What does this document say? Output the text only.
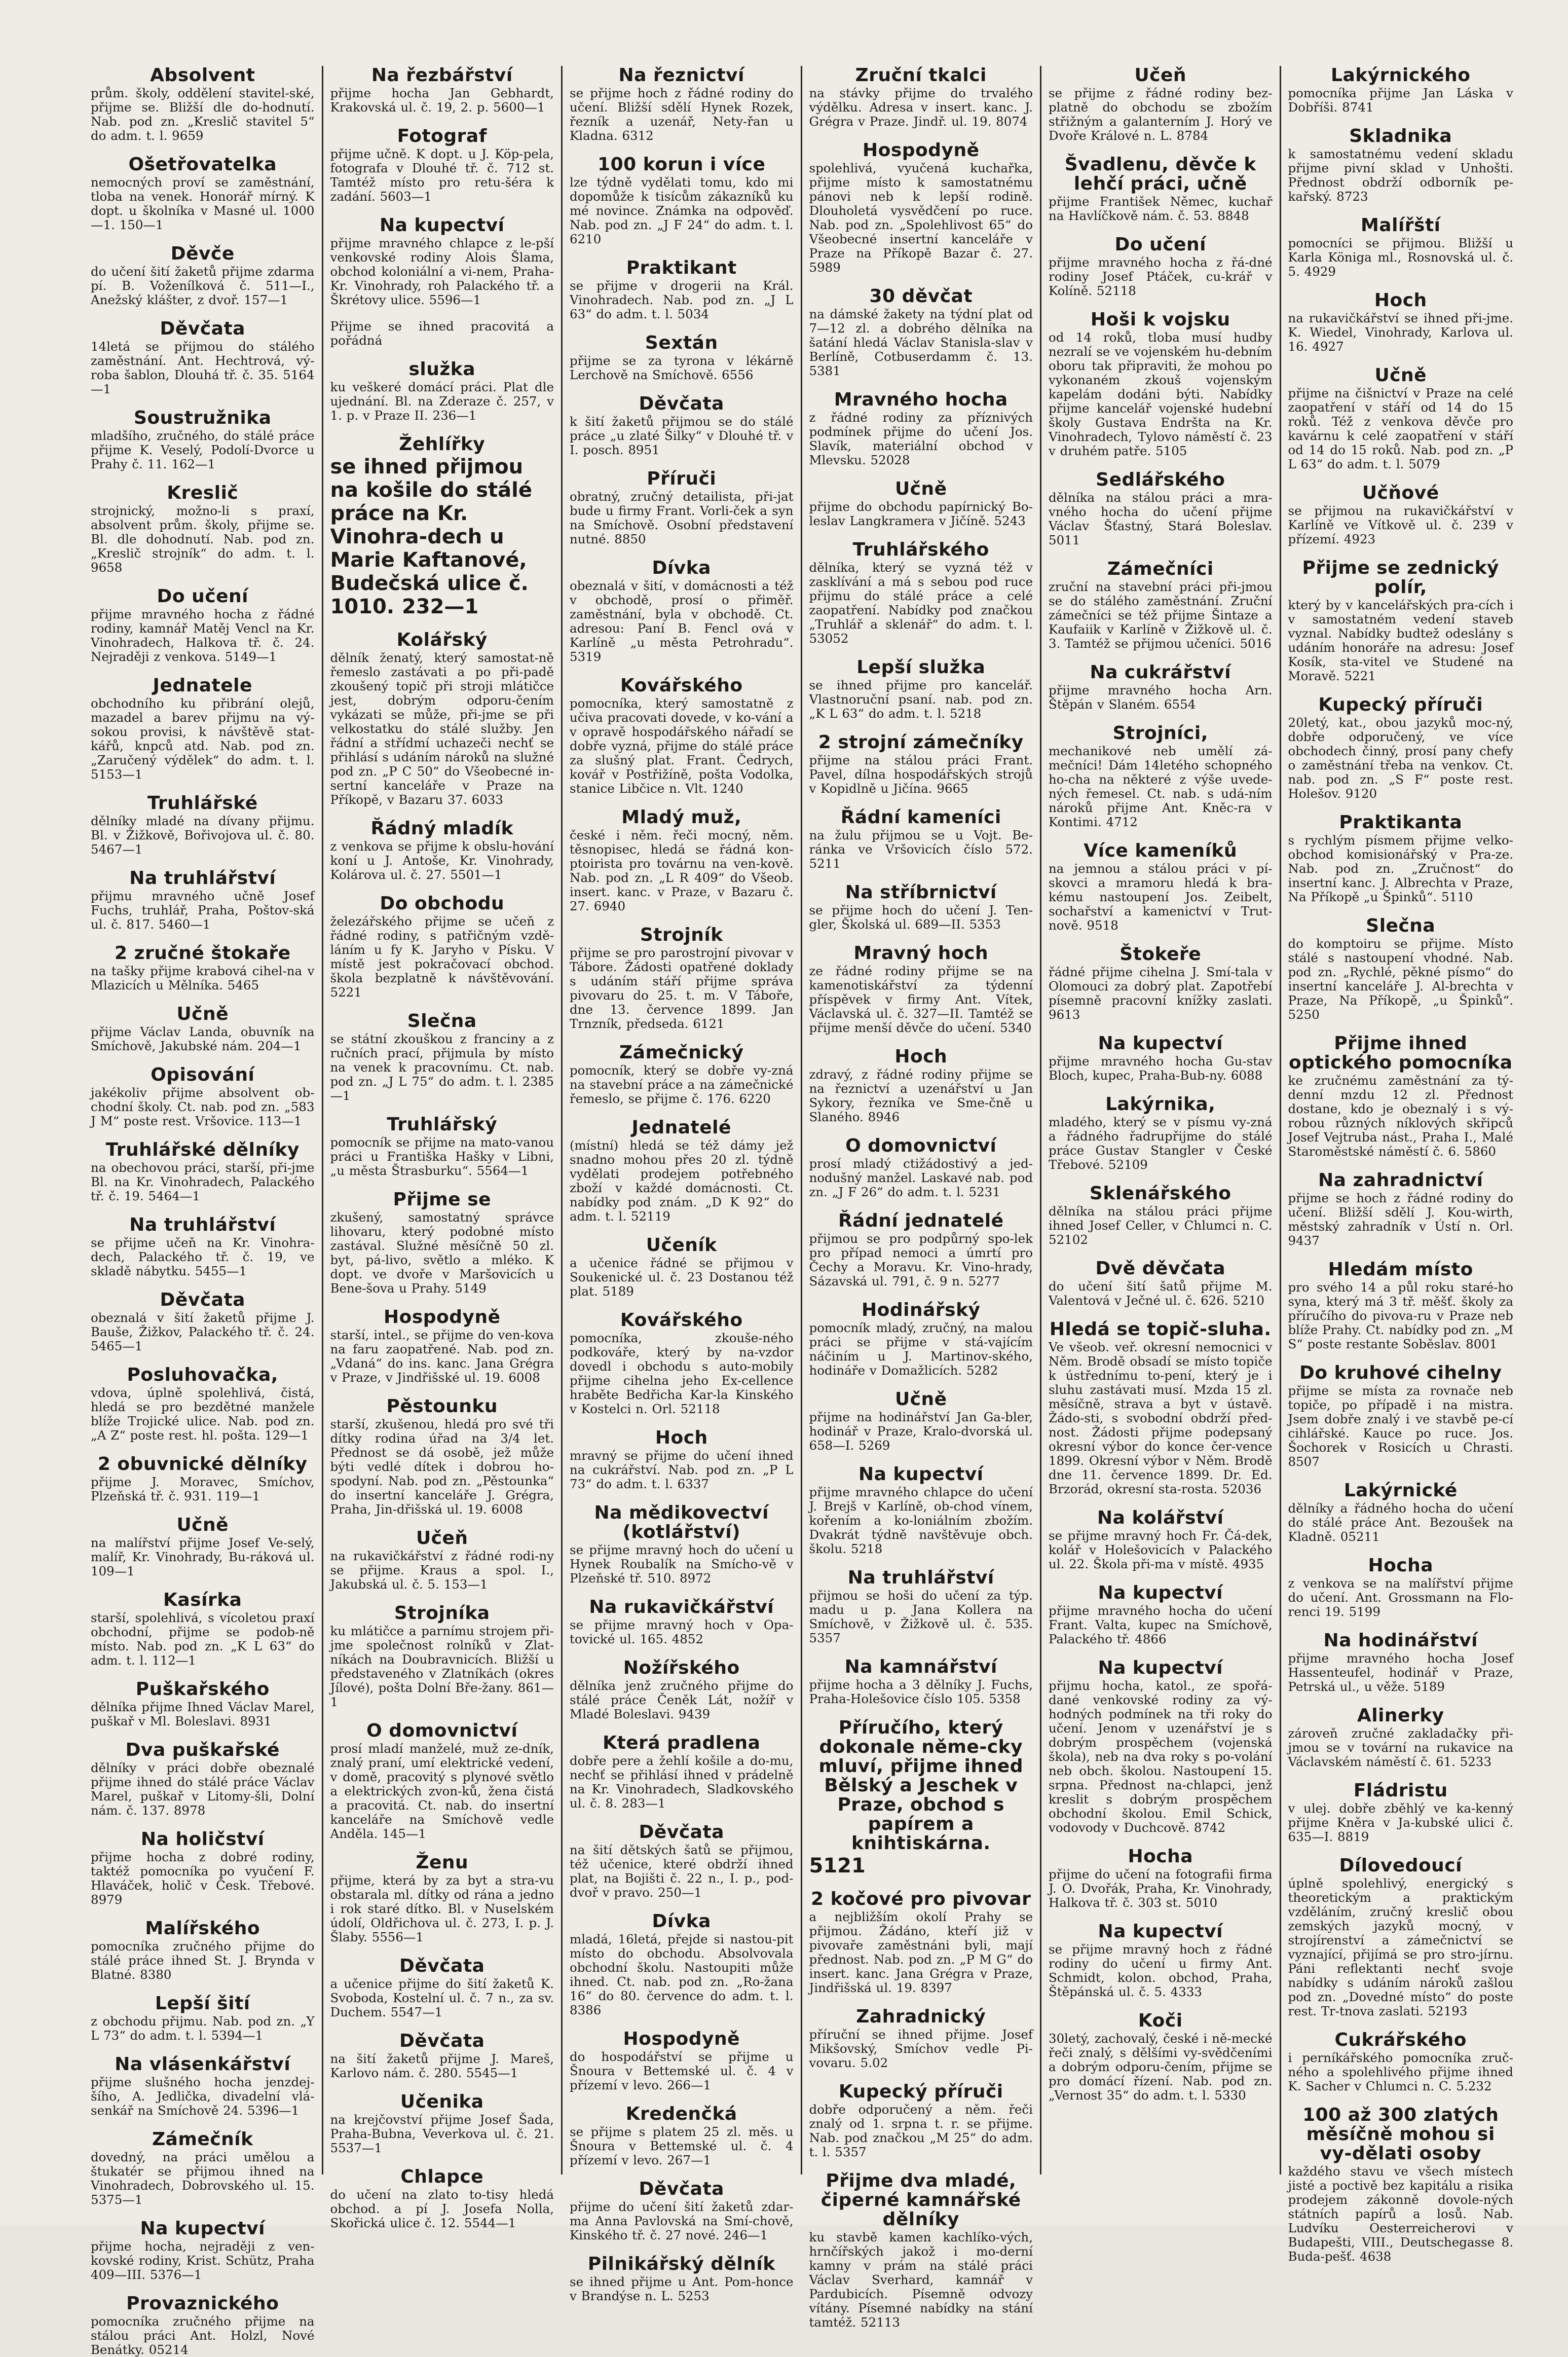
Absolvent

prům. školy, oddělení stavitel-ské, přijme se. Bližší dle do-hodnutí. Nab. pod zn. „Kreslič stavitel 5“ do adm. t. l. 9659

Ošetřovatelka

nemocných proví se zaměstnání, tloba na venek. Honorář mírný. K dopt. u školníka v Masné ul. 1000—1. 150—1

Děvče

do učení šití žaketů přijme zdarma pí. B. Voženílková č. 511—I., Anežský klášter, z dvoř. 157—1

Děvčata

14letá se přijmou do stálého zaměstnání. Ant. Hechtrová, vý-roba šablon, Dlouhá tř. č. 35. 5164—1

Soustružnika

mladšího, zručného, do stálé práce přijme K. Veselý, Podolí-Dvorce u Prahy č. 11. 162—1

Kreslič

strojnický, možno-li s praxí, absolvent prům. školy, přijme se. Bl. dle dohodnutí. Nab. pod zn. „Kreslič strojník“ do adm. t. l. 9658

Do učení

přijme mravného hocha z řádné rodiny, kamnář Matěj Vencl na Kr. Vinohradech, Halkova tř. č. 24. Nejraději z venkova. 5149—1

Jednatele

obchodního ku přibrání olejů, mazadel a barev přijmu na vý-sokou provisi, k návštěvě stat-kářů, knpců atd. Nab. pod zn. „Zaručený výdělek“ do adm. t. l. 5153—1

Truhlářské

dělníky mladé na dívany přijmu. Bl. v Žižkově, Bořivojova ul. č. 80. 5467—1

Na truhlářství

přijmu mravného učně Josef Fuchs, truhlář, Praha, Poštov-ská ul. č. 817. 5460—1

2 zručné štokaře

na tašky přijme krabová cihel-na v Mlazicích u Mělníka. 5465

Učně

přijme Václav Landa, obuvník na Smíchově, Jakubské nám. 204—1

Opisování

jakékoliv přijme absolvent ob-chodní školy. Ct. nab. pod zn. „583 J M“ poste rest. Vršovice. 113—1

Truhlářské dělníky

na obechovou práci, starší, při-jme Bl. na Kr. Vinohradech, Palackého tř. č. 19. 5464—1

Na truhlářství

se přijme učeň na Kr. Vinohra-dech, Palackého tř. č. 19, ve skladě nábytku. 5455—1

Děvčata

obeznalá v šití žaketů přijme J. Bauše, Žižkov, Palackého tř. č. 24. 5465—1

Posluhovačka,

vdova, úplně spolehlivá, čistá, hledá se pro bezdětné manžele blíže Trojické ulice. Nab. pod zn. „A Z“ poste rest. hl. pošta. 129—1

2 obuvnické dělníky

přijme J. Moravec, Smíchov, Plzeňská tř. č. 931. 119—1

Učně

na malířství přijme Josef Ve-selý, malíř, Kr. Vinohrady, Bu-ráková ul. 109—1

Kasírka

starší, spolehlivá, s vícoletou praxí obchodní, přijme se podob-ně místo. Nab. pod zn. „K L 63“ do adm. t. l. 112—1

Puškařského

dělníka přijme Ihned Václav Marel, puškař v Ml. Boleslavi. 8931

Dva puškařské

dělníky v práci dobře obeznalé přijme ihned do stálé práce Václav Marel, puškař v Litomy-šli, Dolní nám. č. 137. 8978

Na holičství

přijme hocha z dobré rodiny, taktéž pomocníka po vyučení F. Hlaváček, holič v Česk. Třebové. 8979

Malířského

pomocníka zručného přijme do stálé práce ihned St. J. Brynda v Blatné. 8380

Lepší šití

z obchodu přijmu. Nab. pod zn. „Y L 73“ do adm. t. l. 5394—1

Na vlásenkářství

přijme slušného hocha jenzdej-šího, A. Jedlička, divadelní vlá-senkář na Smíchově 24. 5396—1

Zámečník

dovedný, na práci umělou a štukatér se přijmou ihned na Vinohradech, Dobrovského ul. 15. 5375—1

Na kupectví

přijme hocha, nejraději z ven-kovské rodiny, Krist. Schütz, Praha 409—III. 5376—1

Provaznického

pomocníka zručného přijme na stálou práci Ant. Holzl, Nové Benátky. 05214

Na řezbářství

přijme hocha Jan Gebhardt, Krakovská ul. č. 19, 2. p. 5600—1

Fotograf

přijme učně. K dopt. u J. Köp-pela, fotografa v Dlouhé tř. č. 712 st. Tamtéž místo pro retu-šéra k zadání. 5603—1

Na kupectví

přijme mravného chlapce z le-pší venkovské rodiny Alois Šlama, obchod koloniální a vi-nem, Praha-Kr. Vinohrady, roh Palackého tř. a Škrétovy ulice. 5596—1

Přijme se ihned pracovitá a pořádná

služka

ku veškeré domácí práci. Plat dle ujednání. Bl. na Zderaze č. 257, v 1. p. v Praze II. 236—1

Žehlířky

se ihned přijmou na košile do stálé práce na Kr. Vinohra-dech u Marie Kaftanové, Budečská ulice č. 1010. 232—1

Kolářský

dělník ženatý, který samostat-ně řemeslo zastávati a po při-padě zkoušený topič při stroji mlátičce jest, dobrým odporu-čením vykázati se může, při-jme se při velkostatku do stálé služby. Jen řádní a střídmí uchazeči nechť se přihlásí s udáním nároků na služné pod zn. „P C 50“ do Všeobecné in-sertní kanceláře v Praze na Příkopě, v Bazaru 37. 6033

Řádný mladík

z venkova se přijme k obslu-hování koní u J. Antoše, Kr. Vinohrady, Kolárova ul. č. 27. 5501—1

Do obchodu

železářského přijme se učeň z řádné rodiny, s patřičným vzdě-láním u fy K. Jaryho v Písku. V místě jest pokračovací obchod. škola bezplatně k návštěvování. 5221

Slečna

se státní zkouškou z franciny a z ručních prací, přijmula by místo na venek k pracovnímu. Ct. nab. pod zn. „J L 75“ do adm. t. l. 2385—1

Truhlářský

pomocník se přijme na mato-vanou práci u Františka Hašky v Libni, „u města Štrasburku“. 5564—1

Přijme se

zkušený, samostatný správce lihovaru, který podobné místo zastával. Služné měsíčně 50 zl. byt, pá-livo, světlo a mléko. K dopt. ve dvoře v Maršovicích u Bene-šova u Prahy. 5149

Hospodyně

starší, intel., se přijme do ven-kova na faru zaopatřené. Nab. pod zn. „Vdaná“ do ins. kanc. Jana Grégra v Praze, v Jindřišské ul. 19. 6008

Pěstounku

starší, zkušenou, hledá pro své tři dítky rodina úřad na 3/4 let. Přednost se dá osobě, jež může býti vedlé dítek i dobrou ho-spodyní. Nab. pod zn. „Pěstounka“ do insertní kanceláře J. Grégra, Praha, Jin-dřišská ul. 19. 6008

Učeň

na rukavičkářství z řádné rodi-ny se přijme. Kraus a spol. I., Jakubská ul. č. 5. 153—1

Strojníka

ku mlátičce a parnímu strojem při-jme společnost rolníků v Zlat-níkách na Doubravnicích. Bližší u představeného v Zlatníkách (okres Jílové), pošta Dolní Bře-žany. 861—1

O domovnictví

prosí mladí manželé, muž ze-dník, znalý praní, umí elektrické vedení, v domě, pracovitý s plynové světlo a elektrických zvon-ků, žena čistá a pracovitá. Ct. nab. do insertní kanceláře na Smíchově vedle Anděla. 145—1

Ženu

přijme, která by za byt a stra-vu obstarala ml. dítky od rána a jedno i rok staré dítko. Bl. v Nuselském údolí, Oldřichova ul. č. 273, I. p. J. Šlaby. 5556—1

Děvčata

a učenice přijme do šití žaketů K. Svoboda, Kostelní ul. č. 7 n., za sv. Duchem. 5547—1

Děvčata

na šití žaketů přijme J. Mareš, Karlovo nám. č. 280. 5545—1

Učenika

na krejčovství přijme Josef Šada, Praha-Bubna, Veverkova ul. č. 21. 5537—1

Chlapce

do učení na zlato to-tisy hledá obchod. a pí J. Josefa Nolla, Skořická ulice č. 12. 5544—1

Na řeznictví

se přijme hoch z řádné rodiny do učení. Bližší sdělí Hynek Rozek, řezník a uzenář, Nety-řan u Kladna. 6312

100 korun i více

lze týdně vydělati tomu, kdo mi dopomůže k tisícům zákazníků ku mé novince. Známka na odpověď. Nab. pod zn. „J F 24“ do adm. t. l. 6210

Praktikant

se přijme v drogerii na Král. Vinohradech. Nab. pod zn. „J L 63“ do adm. t. l. 5034

Sextán

přijme se za tyrona v lékárně Lerchově na Smíchově. 6556

Děvčata

k šití žaketů přijmou se do stálé práce „u zlaté Šilky“ v Dlouhé tř. v I. posch. 8951

Příruči

obratný, zručný detailista, při-jat bude u firmy Frant. Vorli-ček a syn na Smíchově. Osobní představení nutné. 8850

Dívka

obeznalá v šití, v domácnosti a též v obchodě, prosí o přiměř. zaměstnání, byla v obchodě. Ct. adresou: Paní B. Fencl ová v Karlíně „u města Petrohradu“. 5319

Kovářského

pomocníka, který samostatně z učiva pracovati dovede, v ko-vání a v opravě hospodářského nářadí se dobře vyzná, přijme do stálé práce za slušný plat. Frant. Čedrych, kovář v Postřižíně, pošta Vodolka, stanice Libčice n. Vlt. 1240

Mladý muž,

české i něm. řeči mocný, něm. těsnopisec, hledá se řádná kon-ptoirista pro továrnu na ven-kově. Nab. pod zn. „L R 409“ do Všeob. insert. kanc. v Praze, v Bazaru č. 27. 6940

Strojník

přijme se pro parostrojní pivovar v Tábore. Žádosti opatřené doklady s udáním stáří přijme správa pivovaru do 25. t. m. V Táboře, dne 13. července 1899. Jan Trnzník, předseda. 6121

Zámečnický

pomocník, který se dobře vy-zná na stavební práce a na zámečnické řemeslo, se přijme č. 176. 6220

Jednatelé

(místní) hledá se též dámy jež snadno mohou přes 20 zl. týdně vydělati prodejem potřebného zboží v každé domácnosti. Ct. nabídky pod znám. „D K 92“ do adm. t. l. 52119

Učeník

a učenice řádné se přijmou v Soukenické ul. č. 23 Dostanou též plat. 5189

Kovářského

pomocníka, zkouše-ného podkováře, který by na-vzdor dovedl i obchodu s auto-mobily přijme cihelna jeho Ex-cellence hraběte Bedřicha Kar-la Kinského v Kostelci n. Orl. 52118

Hoch

mravný se přijme do učení ihned na cukrářství. Nab. pod zn. „P L 73“ do adm. t. l. 6337

Na mědikovectví (kotlářství)

se přijme mravný hoch do učení u Hynek Roubalík na Smícho-vě v Plzeňské tř. 510. 8972

Na rukavičkářství

se přijme mravný hoch v Opa-tovické ul. 165. 4852

Nožířského

dělníka jenž zručného přijme do stálé práce Čeněk Lát, nožíř v Mladé Boleslavi. 9439

Která pradlena

dobře pere a žehlí košile a do-mu, nechť se přihlásí ihned v prádelně na Kr. Vinohradech, Sladkovského ul. č. 8. 283—1

Děvčata

na šití dětských šatů se přijmou, též učenice, které obdrží ihned plat, na Bojišti č. 22 n., I. p., pod-dvoř v pravo. 250—1

Dívka

mladá, 16letá, přejde si nastou-pit místo do obchodu. Absolvovala obchodní školu. Nastoupiti může ihned. Ct. nab. pod zn. „Ro-žana 16“ do 80. července do adm. t. l. 8386

Hospodyně

do hospodářství se přijme u Šnoura v Bettemské ul. č. 4 v přízemí v levo. 266—1

Kredenčká

se přijme s platem 25 zl. měs. u Šnoura v Bettemské ul. č. 4 přízemí v levo. 267—1

Děvčata

přijme do učení šití žaketů zdar-ma Anna Pavlovská na Smí-chově, Kinského tř. č. 27 nové. 246—1

Pilnikářský dělník

se ihned přijme u Ant. Pom-honce v Brandýse n. L. 5253

Zruční tkalci

na stávky přijme do trvalého výdělku. Adresa v insert. kanc. J. Grégra v Praze. Jindř. ul. 19. 8074

Hospodyně

spolehlivá, vyučená kuchařka, přijme místo k samostatnému pánovi neb k lepší rodině. Dlouholetá vysvědčení po ruce. Nab. pod zn. „Spolehlivost 65“ do Všeobecné insertní kanceláře v Praze na Příkopě Bazar č. 27. 5989

30 děvčat

na dámské žakety na týdní plat od 7—12 zl. a dobrého dělníka na šatání hledá Václav Stanisla-slav v Berlíně, Cotbuserdamm č. 13. 5381

Mravného hocha

z řádné rodiny za příznivých podmínek přijme do učení Jos. Slavík, materiální obchod v Mlevsku. 52028

Učně

přijme do obchodu papírnický Bo-leslav Langkramera v Jičíně. 5243

Truhlářského

dělníka, který se vyzná též v zasklívání a má s sebou pod ruce přijmu do stálé práce a celé zaopatření. Nabídky pod značkou „Truhlář a sklenář“ do adm. t. l. 53052

Lepší služka

se ihned přijme pro kancelář. Vlastnoruční psaní. nab. pod zn. „K L 63“ do adm. t. l. 5218

2 strojní zámečníky

přijme na stálou práci Frant. Pavel, dílna hospodářských strojů v Kopidlně u Jičína. 9665

Řádní kameníci

na žulu přijmou se u Vojt. Be-ránka ve Vršovicích číslo 572. 5211

Na stříbrnictví

se přijme hoch do učení J. Ten-gler, Školská ul. 689—II. 5353

Mravný hoch

ze řádné rodiny přijme se na kamenotiskářství za týdenní příspěvek v firmy Ant. Vítek, Václavská ul. č. 327—II. Tamtéž se přijme menší děvče do učení. 5340

Hoch

zdravý, z řádné rodiny přijme se na řeznictví a uzenářství u Jan Sykory, řezníka ve Sme-čně u Slaného. 8946

O domovnictví

prosí mladý ctižádostivý a jed-nodušný manžel. Laskavé nab. pod zn. „J F 26“ do adm. t. l. 5231

Řádní jednatelé

přijmou se pro podpůrný spo-lek pro případ nemoci a úmrtí pro Čechy a Moravu. Kr. Vino-hrady, Sázavská ul. 791, č. 9 n. 5277

Hodinářský

pomocník mladý, zručný, na malou práci se přijme v stá-vajícím náčiním u J. Martinov-ského, hodináře v Domažlicích. 5282

Učně

přijme na hodinářství Jan Ga-bler, hodinář v Praze, Kralo-dvorská ul. 658—I. 5269

Na kupectví

přijme mravného chlapce do učení J. Brejš v Karlíně, ob-chod vínem, kořením a ko-loniálním zbožím. Dvakrát týdně navštěvuje obch. školu. 5218

Na truhlářství

přijmou se hoši do učení za týp. madu u p. Jana Kollera na Smíchově, v Žižkově ul. č. 535. 5357

Na kamnářství

přijme hocha a 3 dělníky J. Fuchs, Praha-Holešovice číslo 105. 5358

Příručího, který dokonale něme-cky mluví, přijme ihned Bělský a Jeschek v Praze, obchod s papírem a knihtiskárna.

5121

2 kočové pro pivovar

a nejbližším okolí Prahy se přijmou. Žádáno, kteří již v pivovaře zaměstnáni byli, mají přednost. Nab. pod zn. „P M G“ do insert. kanc. Jana Grégra v Praze, Jindřišská ul. 19. 8397

Zahradnický

příruční se ihned přijme. Josef Mikšovský, Smíchov vedle Pi-vovaru. 5.02

Kupecký příruči

dobře odporučený a něm. řeči znalý od 1. srpna t. r. se přijme. Nab. pod značkou „M 25“ do adm. t. l. 5357

Přijme dva mladé, čiperné kamnářské dělníky

ku stavbě kamen kachlíko-vých, hrnčířských jakož i mo-derní kamny v prám na stálé práci Václav Sverhard, kamnář v Pardubicích. Písemně odvozy vítány. Písemné nabídky na stání tamtéž. 52113

Učeň

se přijme z řádné rodiny bez-platně do obchodu se zbožím střižným a galanterním J. Horý ve Dvoře Králové n. L. 8784

Švadlenu, děvče k lehčí práci, učně

přijme František Němec, kuchař na Havlíčkově nám. č. 53. 8848

Do učení

přijme mravného hocha z řá-dné rodiny Josef Ptáček, cu-krář v Kolíně. 52118

Hoši k vojsku

od 14 roků, tloba musí hudby nezralí se ve vojenském hu-debním oboru tak připraviti, že mohou po vykonaném zkouš vojenským kapelám dodáni býti. Nabídky přijme kancelář vojenské hudební školy Gustava Endršta na Kr. Vinohradech, Tylovo náměstí č. 23 v druhém patře. 5105

Sedlářského

dělníka na stálou práci a mra-vného hocha do učení přijme Václav Šťastný, Stará Boleslav. 5011

Zámečníci

zruční na stavební práci při-jmou se do stálého zaměstnání. Zruční zámečníci se též přijme Šintaze a Kaufaiik v Karlíně v Žižkově ul. č. 3. Tamtéž se přijmou učeníci. 5016

Na cukrářství

přijme mravného hocha Arn. Štěpán v Slaném. 6554

Strojníci,

mechanikové neb umělí zá-mečníci! Dám 14letého schopného ho-cha na některé z výše uvede-ných řemesel. Ct. nab. s udá-ním nároků přijme Ant. Kněc-ra v Kontimi. 4712

Více kameníků

na jemnou a stálou práci v pí-skovci a mramoru hledá k bra-kému nastoupení Jos. Zeibelt, sochařství a kamenictví v Trut-nově. 9518

Štokeře

řádné přijme cihelna J. Smí-tala v Olomouci za dobrý plat. Zapotřebí písemně pracovní knížky zaslati. 9613

Na kupectví

přijme mravného hocha Gu-stav Bloch, kupec, Praha-Bub-ny. 6088

Lakýrnika,

mladého, který se v písmu vy-zná a řádného řadrupřijme do stálé práce Gustav Stangler v České Třebové. 52109

Sklenářského

dělníka na stálou práci přijme ihned Josef Celler, v Chlumci n. C. 52102

Dvě děvčata

do učení šití šatů přijme M. Valentová v Ječné ul. č. 626. 5210

Hledá se topič-sluha.

Ve všeob. veř. okresní nemocnici v Něm. Brodě obsadí se místo topiče k ústřednímu to-pení, který je i sluhu zastávati musí. Mzda 15 zl. měsíčně, strava a byt v ústavě. Žádo-sti, s svobodní obdrží před-nost. Žádosti přijme podepsaný okresní výbor do konce čer-vence 1899. Okresní výbor v Něm. Brodě dne 11. července 1899. Dr. Ed. Brzorád, okresní sta-rosta. 52036

Na kolářství

se přijme mravný hoch Fr. Čá-dek, kolář v Holešovicích v Palackého ul. 22. Škola při-ma v místě. 4935

Na kupectví

přijme mravného hocha do učení Frant. Valta, kupec na Smíchově, Palackého tř. 4866

Na kupectví

přijmu hocha, katol., ze spořá-dané venkovské rodiny za vý-hodných podmínek na tři roky do učení. Jenom v uzenářství je s dobrým prospěchem (vojenská škola), neb na dva roky s po-volání neb obch. školou. Nastoupení 15. srpna. Přednost na-chlapci, jenž kreslit s dobrým prospěchem obchodní školou. Emil Schick, vodovody v Duchcově. 8742

Hocha

přijme do učení na fotografii firma J. O. Dvořák, Praha, Kr. Vinohrady, Halkova tř. č. 303 st. 5010

Na kupectví

se přijme mravný hoch z řádné rodiny do učení u firmy Ant. Schmidt, kolon. obchod, Praha, Štěpánská ul. č. 5. 4333

Koči

30letý, zachovalý, české i ně-mecké řeči znalý, s dělšími vy-svědčeními a dobrým odporu-čením, přijme se pro domácí řízení. Nab. pod zn. „Vernost 35“ do adm. t. l. 5330

Lakýrnického

pomocníka přijme Jan Láska v Dobříši. 8741

Skladnika

k samostatnému vedení skladu přijme pivní sklad v Unhošti. Přednost obdrží odborník pe-kařský. 8723

Malířští

pomocníci se přijmou. Bližší u Karla Königa ml., Rosnovská ul. č. 5. 4929

Hoch

na rukavičkářství se ihned při-jme. K. Wiedel, Vinohrady, Karlova ul. 16. 4927

Učně

přijme na čišnictví v Praze na celé zaopatření v stáří od 14 do 15 roků. Též z venkova děvče pro kavárnu k celé zaopatření v stáří od 14 do 15 roků. Nab. pod zn. „P L 63“ do adm. t. l. 5079

Učňové

se přijmou na rukavičkářství v Karlíně ve Vítkově ul. č. 239 v přízemí. 4923

Přijme se zednický polír,

který by v kancelářských pra-cích i v samostatném vedení staveb vyznal. Nabídky budtež odeslány s udáním honoráře na adresu: Josef Kosík, sta-vitel ve Studené na Moravě. 5221

Kupecký příruči

20letý, kat., obou jazyků moc-ný, dobře odporučený, ve více obchodech činný, prosí pany chefy o zaměstnání třeba na venkov. Ct. nab. pod zn. „S F“ poste rest. Holešov. 9120

Praktikanta

s rychlým písmem přijme velko-obchod komisionářský v Pra-ze. Nab. pod zn. „Zručnost“ do insertní kanc. J. Albrechta v Praze, Na Příkopě „u Špinků“. 5110

Slečna

do komptoiru se přijme. Místo stálé s nastoupení vhodné. Nab. pod zn. „Rychlé, pěkné písmo“ do insertní kanceláře J. Al-brechta v Praze, Na Příkopě, „u Špinků“. 5250

Přijme ihned optického pomocníka

ke zručnému zaměstnání za tý-denní mzdu 12 zl. Přednost dostane, kdo je obeznalý i s vý-robou různých níklových skřipců Josef Vejtruba nást., Praha I., Malé Staroměstské náměstí č. 6. 5860

Na zahradnictví

přijme se hoch z řádné rodiny do učení. Bližší sdělí J. Kou-wirth, městský zahradník v Ústí n. Orl. 9437

Hledám místo

pro svého 14 a půl roku staré-ho syna, který má 3 tř. měšť. školy za příručího do pivova-ru v Praze neb blíže Prahy. Ct. nabídky pod zn. „M S“ poste restante Soběslav. 8001

Do kruhové cihelny

přijme se místa za rovnače neb topiče, po případě i na mistra. Jsem dobře znalý i ve stavbě pe-cí cihlářské. Kauce po ruce. Jos. Šochorek v Rosicích u Chrasti. 8507

Lakýrnické

dělníky a řádného hocha do učení do stálé práce Ant. Bezoušek na Kladně. 05211

Hocha

z venkova se na malířství přijme do učení. Ant. Grossmann na Flo-renci 19. 5199

Na hodinářství

přijme mravného hocha Josef Hassenteufel, hodinář v Praze, Petrská ul., u věže. 5189

Alinerky

zároveň zručné zakladačky při-jmou se v tovární na rukavice na Václavském náměstí č. 61. 5233

Fládristu

v ulej. dobře zběhlý ve ka-kenný přijme Kněra v Ja-kubské ulici č. 635—I. 8819

Dílovedoucí

úplně spolehlivý, energický s theoretickým a praktickým vzděláním, zručný kreslič obou zemských jazyků mocný, v strojírenství a zámečnictví se vyznající, přijímá se pro stro-jírnu. Páni reflektanti nechť svoje nabídky s udáním nároků zašlou pod zn. „Dovedné místo“ do poste rest. Tr-tnova zaslati. 52193

Cukrářského

i perníkářského pomocníka zruč-ného a spolehlivého přijme ihned K. Sacher v Chlumci n. C. 5.232

100 až 300 zlatých měsíčně mohou si vy-dělati osoby

každého stavu ve všech místech jisté a poctivě bez kapitálu a risika prodejem zákonně dovole-ných státních papírů a losů. Nab. Ludvíku Oesterreicherovi v Budapešti, VIII., Deutschegasse 8. Buda-pešť. 4638
